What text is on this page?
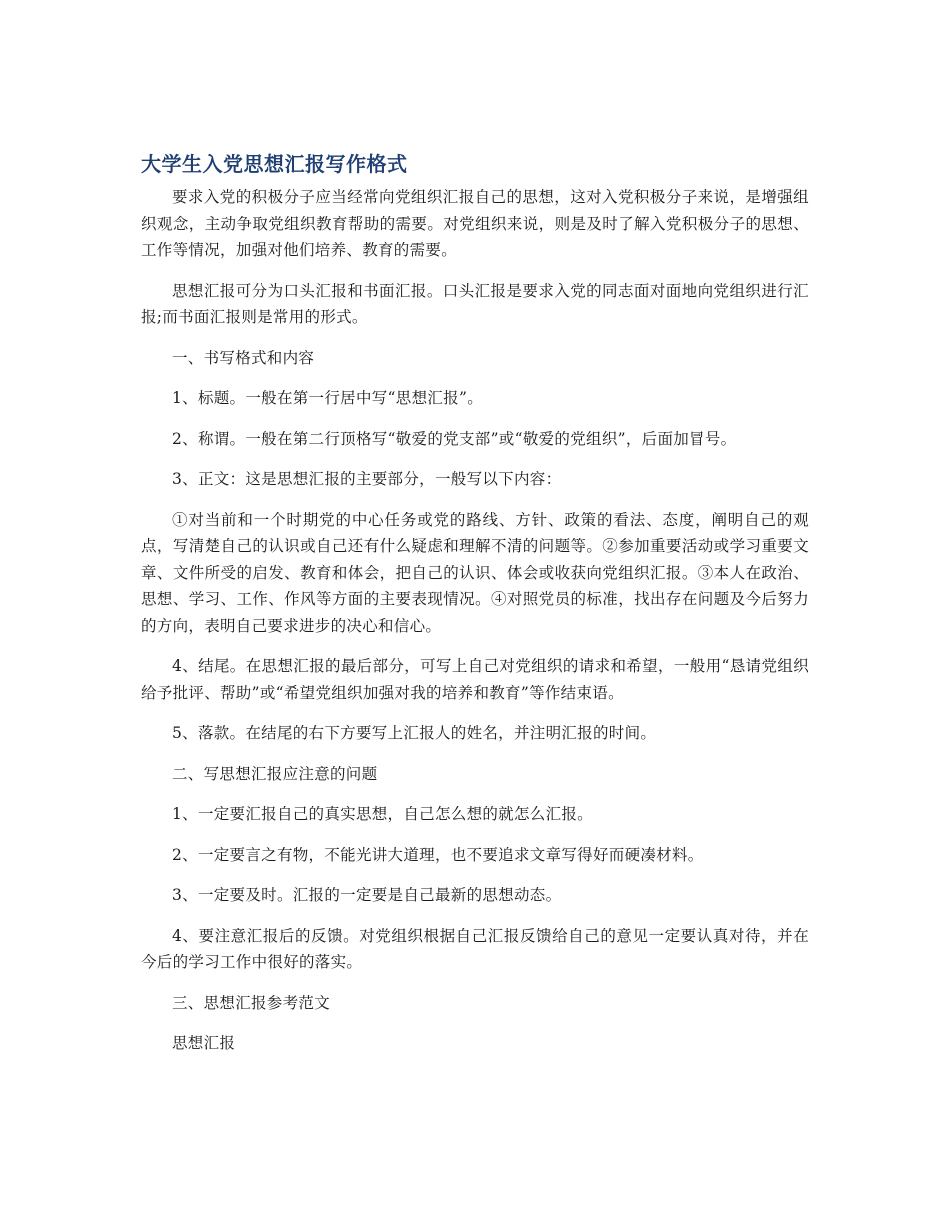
大学生入党思想汇报写作格式

要求入党的积极分子应当经常向党组织汇报自己的思想，这对入党积极分子来说，是增强组织观念，主动争取党组织教育帮助的需要。对党组织来说，则是及时了解入党积极分子的思想、工作等情况，加强对他们培养、教育的需要。

思想汇报可分为口头汇报和书面汇报。口头汇报是要求入党的同志面对面地向党组织进行汇报;而书面汇报则是常用的形式。

一、书写格式和内容

1、标题。一般在第一行居中写“思想汇报”。

2、称谓。一般在第二行顶格写“敬爱的党支部”或“敬爱的党组织”，后面加冒号。

3、正文：这是思想汇报的主要部分，一般写以下内容：

①对当前和一个时期党的中心任务或党的路线、方针、政策的看法、态度，阐明自己的观点，写清楚自己的认识或自己还有什么疑虑和理解不清的问题等。②参加重要活动或学习重要文章、文件所受的启发、教育和体会，把自己的认识、体会或收获向党组织汇报。③本人在政治、思想、学习、工作、作风等方面的主要表现情况。④对照党员的标准，找出存在问题及今后努力的方向，表明自己要求进步的决心和信心。

4、结尾。在思想汇报的最后部分，可写上自己对党组织的请求和希望，一般用“恳请党组织给予批评、帮助”或“希望党组织加强对我的培养和教育”等作结束语。

5、落款。在结尾的右下方要写上汇报人的姓名，并注明汇报的时间。

二、写思想汇报应注意的问题

1、一定要汇报自己的真实思想，自己怎么想的就怎么汇报。

2、一定要言之有物，不能光讲大道理，也不要追求文章写得好而硬凑材料。

3、一定要及时。汇报的一定要是自己最新的思想动态。

4、要注意汇报后的反馈。对党组织根据自己汇报反馈给自己的意见一定要认真对待，并在今后的学习工作中很好的落实。

三、思想汇报参考范文

思想汇报
